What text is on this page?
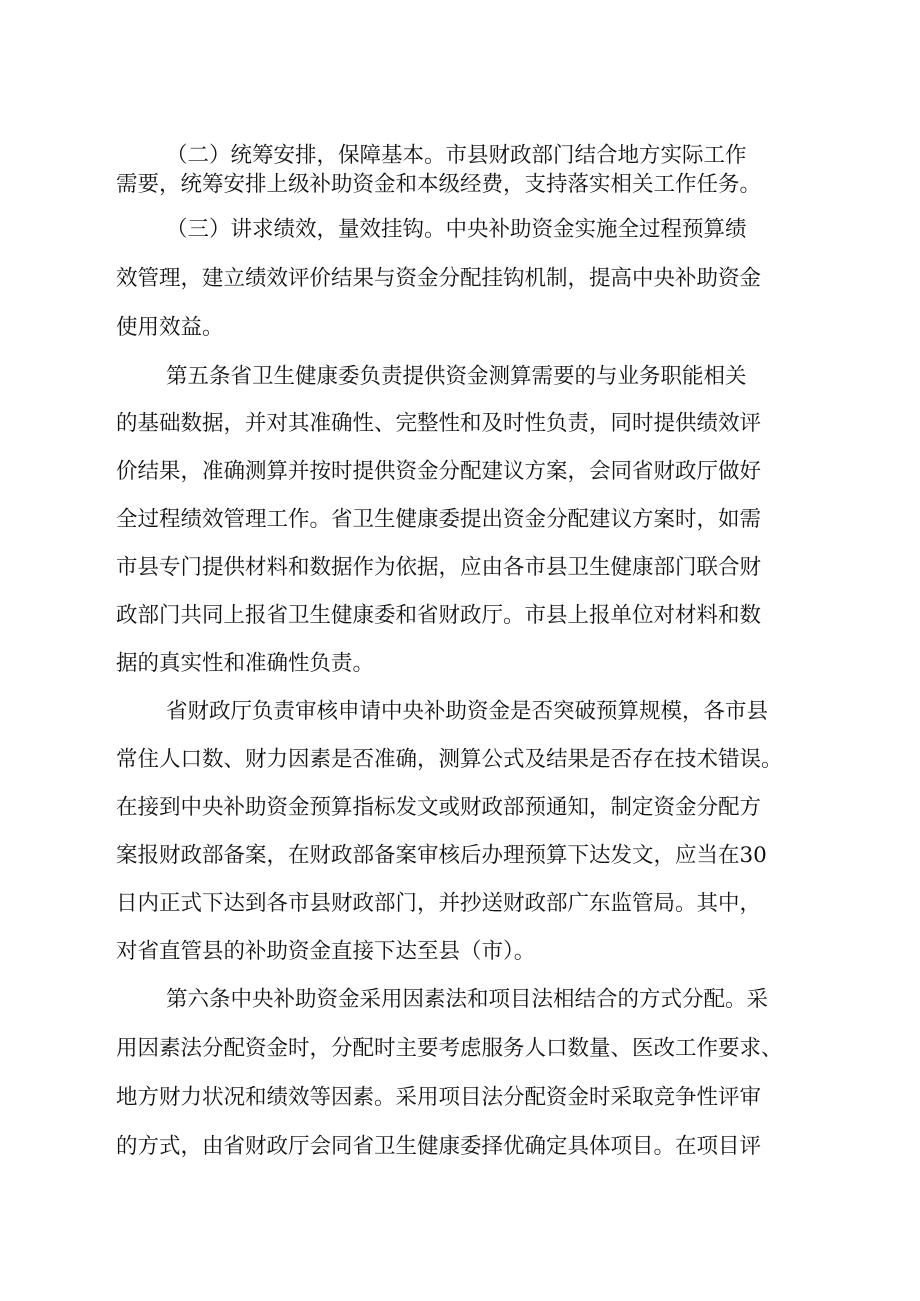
（二）统筹安排，保障基本。市县财政部门结合地方实际工作
需要，统筹安排上级补助资金和本级经费，支持落实相关工作任务。
（三）讲求绩效，量效挂钩。中央补助资金实施全过程预算绩
效管理，建立绩效评价结果与资金分配挂钩机制，提高中央补助资金
使用效益。
第五条省卫生健康委负责提供资金测算需要的与业务职能相关
的基础数据，并对其准确性、完整性和及时性负责，同时提供绩效评
价结果，准确测算并按时提供资金分配建议方案，会同省财政厅做好
全过程绩效管理工作。省卫生健康委提出资金分配建议方案时，如需
市县专门提供材料和数据作为依据，应由各市县卫生健康部门联合财
政部门共同上报省卫生健康委和省财政厅。市县上报单位对材料和数
据的真实性和准确性负责。
省财政厅负责审核申请中央补助资金是否突破预算规模，各市县
常住人口数、财力因素是否准确，测算公式及结果是否存在技术错误。
在接到中央补助资金预算指标发文或财政部预通知，制定资金分配方
案报财政部备案，在财政部备案审核后办理预算下达发文，应当在30
日内正式下达到各市县财政部门，并抄送财政部广东监管局。其中，
对省直管县的补助资金直接下达至县（市）。
第六条中央补助资金采用因素法和项目法相结合的方式分配。采
用因素法分配资金时，分配时主要考虑服务人口数量、医改工作要求、
地方财力状况和绩效等因素。采用项目法分配资金时采取竞争性评审
的方式，由省财政厅会同省卫生健康委择优确定具体项目。在项目评
